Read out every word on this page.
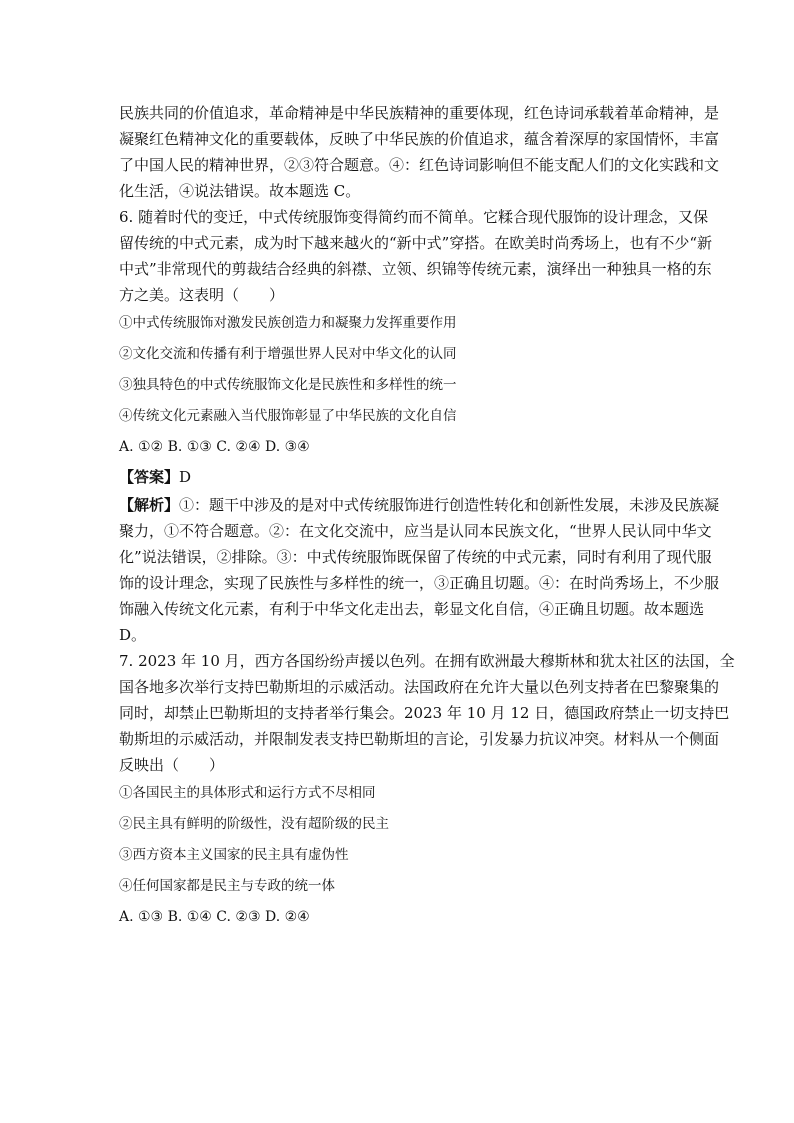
民族共同的价值追求，革命精神是中华民族精神的重要体现，红色诗词承载着革命精神，是

凝聚红色精神文化的重要载体，反映了中华民族的价值追求，蕴含着深厚的家国情怀，丰富

了中国人民的精神世界，②③符合题意。④：红色诗词影响但不能支配人们的文化实践和文

化生活，④说法错误。故本题选 C。

6. 随着时代的变迁，中式传统服饰变得简约而不简单。它糅合现代服饰的设计理念，又保

留传统的中式元素，成为时下越来越火的“新中式”穿搭。在欧美时尚秀场上，也有不少“新

中式”非常现代的剪裁结合经典的斜襟、立领、织锦等传统元素，演绎出一种独具一格的东

方之美。这表明（　　）

①中式传统服饰对激发民族创造力和凝聚力发挥重要作用

②文化交流和传播有利于增强世界人民对中华文化的认同

③独具特色的中式传统服饰文化是民族性和多样性的统一

④传统文化元素融入当代服饰彰显了中华民族的文化自信

A. ①② B. ①③ C. ②④ D. ③④

【答案】D

【解析】①：题干中涉及的是对中式传统服饰进行创造性转化和创新性发展，未涉及民族凝

聚力，①不符合题意。②：在文化交流中，应当是认同本民族文化，“世界人民认同中华文

化”说法错误，②排除。③：中式传统服饰既保留了传统的中式元素，同时有利用了现代服

饰的设计理念，实现了民族性与多样性的统一，③正确且切题。④：在时尚秀场上，不少服

饰融入传统文化元素，有利于中华文化走出去，彰显文化自信，④正确且切题。故本题选

D。

7. 2023 年 10 月，西方各国纷纷声援以色列。在拥有欧洲最大穆斯林和犹太社区的法国，全

国各地多次举行支持巴勒斯坦的示威活动。法国政府在允许大量以色列支持者在巴黎聚集的

同时，却禁止巴勒斯坦的支持者举行集会。2023 年 10 月 12 日，德国政府禁止一切支持巴

勒斯坦的示威活动，并限制发表支持巴勒斯坦的言论，引发暴力抗议冲突。材料从一个侧面

反映出（　　）

①各国民主的具体形式和运行方式不尽相同

②民主具有鲜明的阶级性，没有超阶级的民主

③西方资本主义国家的民主具有虚伪性

④任何国家都是民主与专政的统一体

A. ①③ B. ①④ C. ②③ D. ②④
